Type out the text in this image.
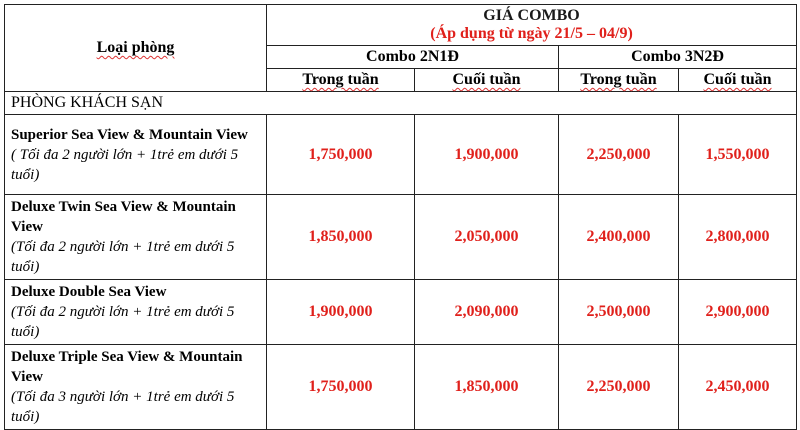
Loại phòng	GIÁ COMBO
(Áp dụng từ ngày 21/5 – 04/9)			

	Combo 2N1Đ		Combo 3N2Đ	
	Trong tuần	Cuối tuần	Trong tuần	Cuối tuần
PHÒNG KHÁCH SẠN				

Superior Sea View & Mountain View
( Tối đa 2 người lớn + 1trẻ em dưới 5 tuổi)	1,750,000	1,900,000	2,250,000	1,550,000

Deluxe Twin Sea View & Mountain View
(Tối đa 2 người lớn + 1trẻ em dưới 5 tuổi)	1,850,000	2,050,000	2,400,000	2,800,000

Deluxe Double Sea View
(Tối đa 2 người lớn + 1trẻ em dưới 5 tuổi)	1,900,000	2,090,000	2,500,000	2,900,000

Deluxe Triple Sea View & Mountain View
(Tối đa 3 người lớn + 1trẻ em dưới 5 tuổi)	1,750,000	1,850,000	2,250,000	2,450,000
